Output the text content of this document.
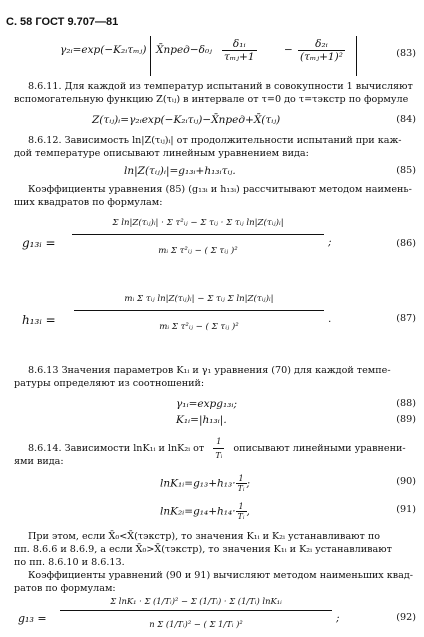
С. 58 ГОСТ 9.707—81
γ₂ᵢ=exp(−K₂ᵢτₘⱼ) X̄пред−δ₀ⱼ $\frac{\text{δ₁ᵢ}}{\text{τₘⱼ+1}}$	− $\frac{\text{δ₂ᵢ}}{\text{(τₘⱼ+1)²}}$	(83)
8.6.11. Для каждой из температур испытаний в совокупности 1 вычисляют
вспомогательную функцию Z(τᵢⱼ) в интервале от τ=0 до τ=τэкстр по формуле
Z(τᵢⱼ)ᵢ=γ₂ᵢexp(−K₂ᵢτᵢⱼ)−X̄пред+X̄(τᵢⱼ)	(84)
8.6.12. Зависимость ln|Z(τᵢⱼ)ᵢ| от продолжительности испытаний при каж-
дой температуре описывают линейным уравнением вида:
ln|Z(τᵢⱼ)ᵢ|=g₁₃ᵢ+h₁₃ᵢτᵢⱼ.	(85)
Коэффициенты уравнения (85) (g₁₃ᵢ и h₁₃ᵢ) рассчитывают методом наимень-
ших квадратов по формулам:
g₁₃ᵢ =
Σ ln|Z(τᵢⱼ)ᵢ| · Σ τ²ᵢⱼ − Σ τᵢⱼ · Σ τᵢⱼ ln|Z(τᵢⱼ)ᵢ|
mᵢ Σ τ²ᵢⱼ − ( Σ τᵢⱼ )²
;	(86)
h₁₃ᵢ =
mᵢ Σ τᵢⱼ ln|Z(τᵢⱼ)ᵢ| − Σ τᵢⱼ Σ ln|Z(τᵢⱼ)ᵢ|
mᵢ Σ τ²ᵢⱼ − ( Σ τᵢⱼ )²
.	(87)
8.6.13 Значения параметров K₁ᵢ и γ₁ уравнения (70) для каждой темпе-
ратуры определяют из соотношений:
γ₁ᵢ=expg₁₃ᵢ;	(88)
K₁ᵢ=|h₁₃ᵢ|.	(89)
8.6.14. Зависимости lnK₁ᵢ и lnK₂ᵢ от $\frac{1}{\text{Tᵢ}}$ описывают линейными уравнени-
ями вида:
lnK₁ᵢ=g₁₃+h₁₃· $\frac{1}{\text{Tᵢ}}$ ;	(90)
lnK₂ᵢ=g₁₄+h₁₄· $\frac{1}{\text{Tᵢ}}$ ,	(91)
При этом, если X̄₀<X̄(τэкстр), то значения K₁ᵢ и K₂ᵢ устанавливают по
пп. 8.6.6 и 8.6.9, а если X̄₀>X̄(τэкстр), то значения K₁ᵢ и K₂ᵢ устанавливают
по пп. 8.6.10 и 8.6.13.
Коэффициенты уравнений (90 и 91) вычисляют методом наименьших квад-
ратов по формулам:
g₁₃ =
Σ lnK₁ · Σ (1/Tᵢ)² − Σ (1/Tᵢ) · Σ (1/Tᵢ) lnK₁ᵢ
n Σ (1/Tᵢ)² − ( Σ 1/Tᵢ )²	;	(92)
